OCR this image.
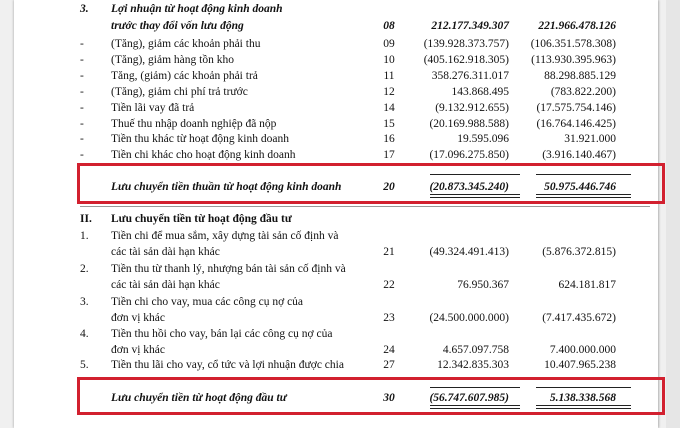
3. Lợi nhuận từ hoạt động kinh doanh
trước thay đổi vốn lưu động	08	212.177.349.307	221.966.478.126
- (Tăng), giảm các khoản phải thu	09	(139.928.373.757) (106.351.578.308)
- (Tăng), giảm hàng tồn kho	10	(405.162.918.305) (113.930.395.963)
- Tăng, (giảm) các khoản phải trả	11	358.276.311.017	88.298.885.129
- (Tăng), giảm chi phí trả trước	12	143.868.495	(783.822.200)
- Tiền lãi vay đã trả	14	(9.132.912.655) (17.575.754.146)
- Thuế thu nhập doanh nghiệp đã nộp	15	(20.169.988.588) (16.764.146.425)
- Tiền thu khác từ hoạt động kinh doanh	16	19.595.096	31.921.000
- Tiền chi khác cho hoạt động kinh doanh	17	(17.096.275.850)	(3.916.140.467)
Lưu chuyển tiền thuần từ hoạt động kinh doanh	20	(20.873.345.240)	50.975.446.746
II. Lưu chuyển tiền từ hoạt động đầu tư
1. Tiền chi để mua sắm, xây dựng tài sản cố định và
các tài sản dài hạn khác	21	(49.324.491.413)	(5.876.372.815)
2. Tiền thu từ thanh lý, nhượng bán tài sản cố định và
các tài sản dài hạn khác	22	76.950.367	624.181.817
3. Tiền chi cho vay, mua các công cụ nợ của
đơn vị khác	23	(24.500.000.000)	(7.417.435.672)
4. Tiền thu hồi cho vay, bán lại các công cụ nợ của
đơn vị khác	24	4.657.097.758	7.400.000.000
5. Tiền thu lãi cho vay, cổ tức và lợi nhuận được chia	27	12.342.835.303	10.407.965.238
Lưu chuyển tiền từ hoạt động đầu tư	30	(56.747.607.985)	5.138.338.568
